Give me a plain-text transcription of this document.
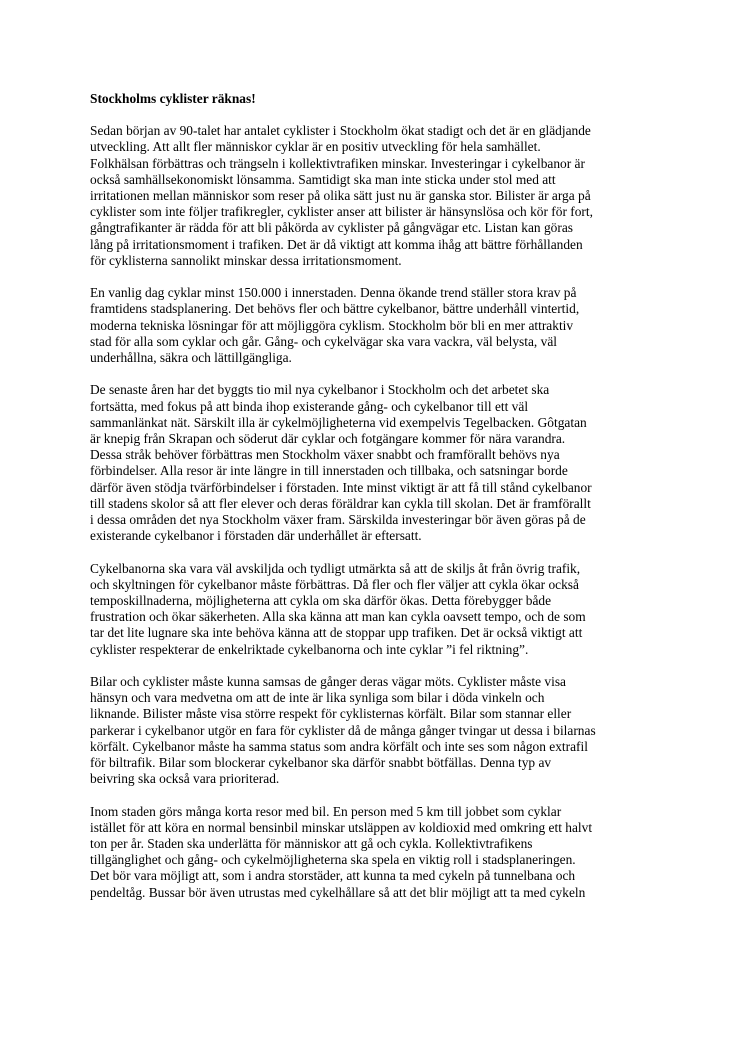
Stockholms cyklister räknas!
Sedan början av 90-talet har antalet cyklister i Stockholm ökat stadigt och det är en glädjande
utveckling. Att allt fler människor cyklar är en positiv utveckling för hela samhället.
Folkhälsan förbättras och trängseln i kollektivtrafiken minskar. Investeringar i cykelbanor är
också samhällsekonomiskt lönsamma. Samtidigt ska man inte sticka under stol med att
irritationen mellan människor som reser på olika sätt just nu är ganska stor. Bilister är arga på
cyklister som inte följer trafikregler, cyklister anser att bilister är hänsynslösa och kör för fort,
gångtrafikanter är rädda för att bli påkörda av cyklister på gångvägar etc. Listan kan göras
lång på irritationsmoment i trafiken. Det är då viktigt att komma ihåg att bättre förhållanden
för cyklisterna sannolikt minskar dessa irritationsmoment.
En vanlig dag cyklar minst 150.000 i innerstaden. Denna ökande trend ställer stora krav på
framtidens stadsplanering. Det behövs fler och bättre cykelbanor, bättre underhåll vintertid,
moderna tekniska lösningar för att möjliggöra cyklism. Stockholm bör bli en mer attraktiv
stad för alla som cyklar och går. Gång- och cykelvägar ska vara vackra, väl belysta, väl
underhållna, säkra och lättillgängliga.
De senaste åren har det byggts tio mil nya cykelbanor i Stockholm och det arbetet ska
fortsätta, med fokus på att binda ihop existerande gång- och cykelbanor till ett väl
sammanlänkat nät. Särskilt illa är cykelmöjligheterna vid exempelvis Tegelbacken. Gôtgatan
är knepig från Skrapan och söderut där cyklar och fotgängare kommer för nära varandra.
Dessa stråk behöver förbättras men Stockholm växer snabbt och framförallt behövs nya
förbindelser. Alla resor är inte längre in till innerstaden och tillbaka, och satsningar borde
därför även stödja tvärförbindelser i förstaden. Inte minst viktigt är att få till stånd cykelbanor
till stadens skolor så att fler elever och deras föräldrar kan cykla till skolan. Det är framförallt
i dessa områden det nya Stockholm växer fram. Särskilda investeringar bör även göras på de
existerande cykelbanor i förstaden där underhållet är eftersatt.
Cykelbanorna ska vara väl avskiljda och tydligt utmärkta så att de skiljs åt från övrig trafik,
och skyltningen för cykelbanor måste förbättras. Då fler och fler väljer att cykla ökar också
temposkillnaderna, möjligheterna att cykla om ska därför ökas. Detta förebygger både
frustration och ökar säkerheten. Alla ska känna att man kan cykla oavsett tempo, och de som
tar det lite lugnare ska inte behöva känna att de stoppar upp trafiken. Det är också viktigt att
cyklister respekterar de enkelriktade cykelbanorna och inte cyklar ”i fel riktning”.
Bilar och cyklister måste kunna samsas de gånger deras vägar möts. Cyklister måste visa
hänsyn och vara medvetna om att de inte är lika synliga som bilar i döda vinkeln och
liknande. Bilister måste visa större respekt för cyklisternas körfält. Bilar som stannar eller
parkerar i cykelbanor utgör en fara för cyklister då de många gånger tvingar ut dessa i bilarnas
körfält. Cykelbanor måste ha samma status som andra körfält och inte ses som någon extrafil
för biltrafik. Bilar som blockerar cykelbanor ska därför snabbt bötfällas. Denna typ av
beivring ska också vara prioriterad.
Inom staden görs många korta resor med bil. En person med 5 km till jobbet som cyklar
istället för att köra en normal bensinbil minskar utsläppen av koldioxid med omkring ett halvt
ton per år. Staden ska underlätta för människor att gå och cykla. Kollektivtrafikens
tillgänglighet och gång- och cykelmöjligheterna ska spela en viktig roll i stadsplaneringen.
Det bör vara möjligt att, som i andra storstäder, att kunna ta med cykeln på tunnelbana och
pendeltåg. Bussar bör även utrustas med cykelhållare så att det blir möjligt att ta med cykeln
